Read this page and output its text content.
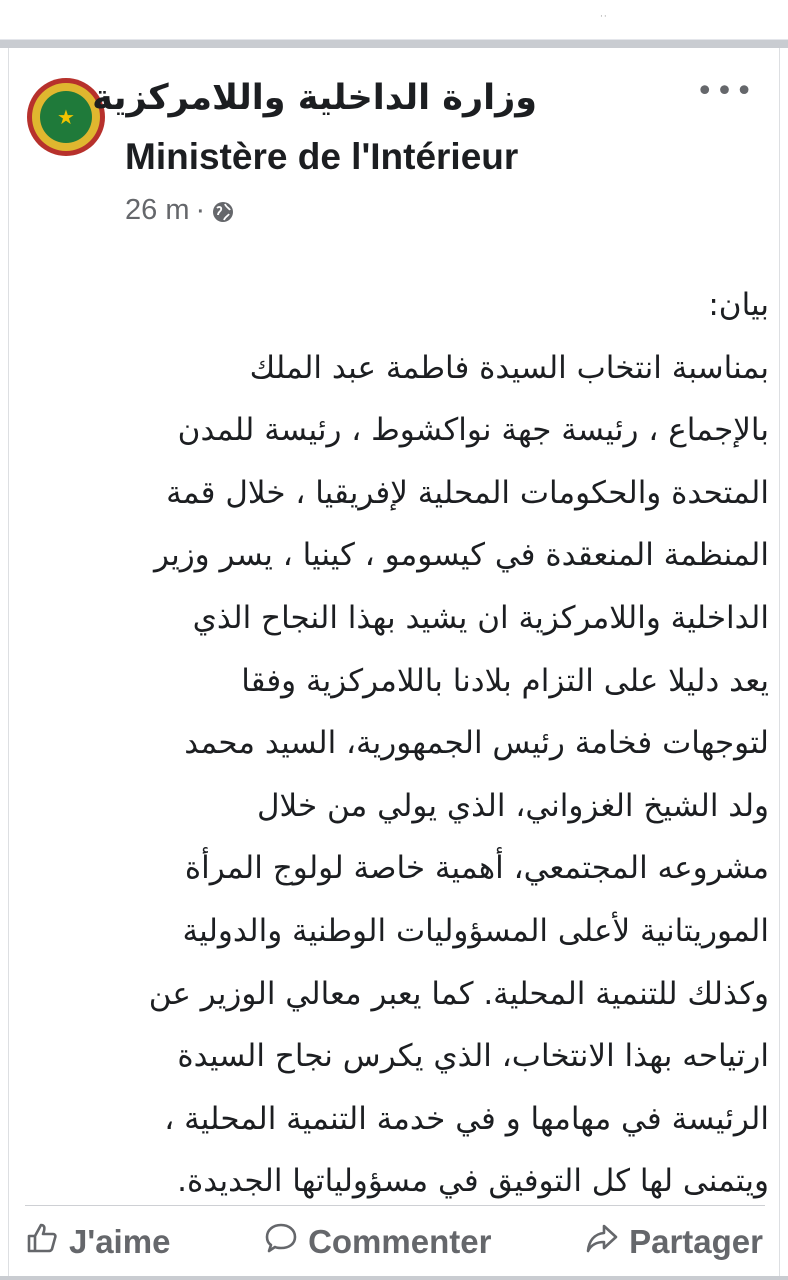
··
★ وزارة الداخلية واللامركزية
Ministère de l'Intérieur
26 m ·
•••
بيان:
بمناسبة انتخاب السيدة فاطمة عبد الملك
بالإجماع ، رئيسة جهة نواكشوط ، رئيسة للمدن
المتحدة والحكومات المحلية لإفريقيا ، خلال قمة
المنظمة المنعقدة في كيسومو ، كينيا ، يسر وزير
الداخلية واللامركزية ان يشيد بهذا النجاح الذي
يعد دليلا على التزام بلادنا باللامركزية وفقا
لتوجهات فخامة رئيس الجمهورية، السيد محمد
ولد الشيخ الغزواني، الذي يولي من خلال
مشروعه المجتمعي، أهمية خاصة لولوج المرأة
الموريتانية لأعلى المسؤوليات الوطنية والدولية
وكذلك للتنمية المحلية. كما يعبر معالي الوزير عن
ارتياحه بهذا الانتخاب، الذي يكرس نجاح السيدة
الرئيسة في مهامها و في خدمة التنمية المحلية ،
ويتمنى لها كل التوفيق في مسؤولياتها الجديدة.
J'aime	Commenter	Partager
